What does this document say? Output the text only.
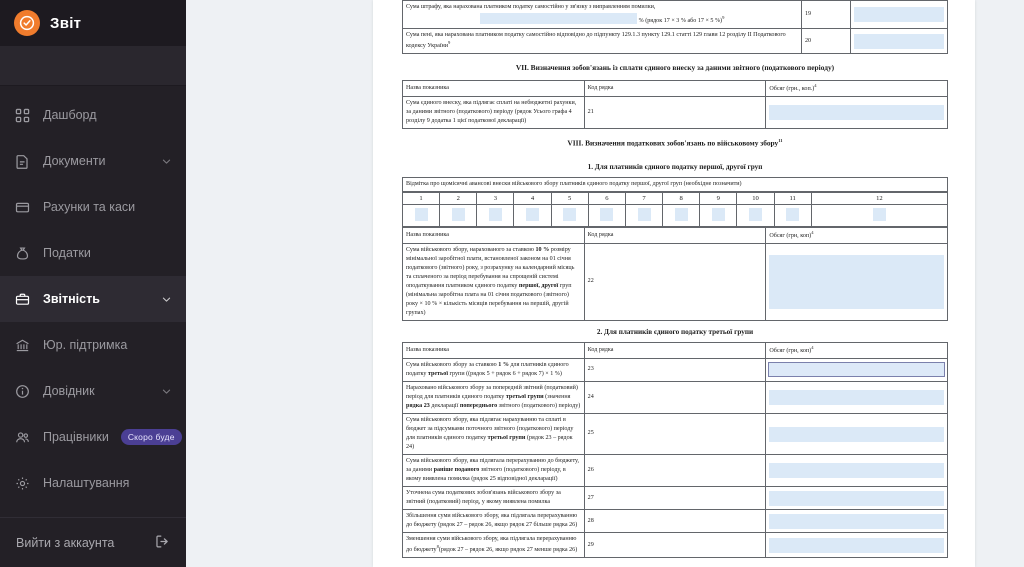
Звіт
Дашборд
Документи
Рахунки та каси
Податки
Звітність
Юр. підтримка
Довідник
Працівники	Скоро буде
Налаштування
Вийти з аккаунта
Сума штрафу, яка нарахована платником податку самостійно у зв'язку з виправленням помилки,
% (рядок 17 × 3 % або 17 × 5 %)$^9$	19	

Сума пені, яка нарахована платником податку самостійно відповідно до підпункту 129.1.3 пункту 129.1 статті 129 глави 12 розділу II Податкового кодексу України$^9$	20	
VII. Визначення зобов'язань із сплати єдиного внеску за даними звітного (податкового періоду)
Назва показника	Код рядка	Обсяг (грн., коп.)$^4$
Сума єдиного внеску, яка підлягає сплаті на небюджетні рахунки, за даними звітного (податкового) періоду (рядок Усього графа 4 розділу 9 додатка 1 цієї податкової декларації)	21	
VIII. Визначення податкових зобов'язань по військовому збору$^{11}$
1. Для платників єдиного податку першої, другої груп
Відмітка про щомісячні авансові внески військового збору платників єдиного податку першої, другої груп (необхідне позначити)
1	2	3	4	5	6	7	8	9	10	11	12

Назва показника	Код рядка	Обсяг (грн, коп)$^4$
Сума військового збору, нарахованого за ставкою 10 % розміру мінімальної заробітної плати, встановленої законом на 01 січня податкового (звітного) року, з розрахунку на календарний місяць та сплаченого за період перебування на спрощеній системі оподаткування платником єдиного податку першої, другої груп (мінімальна заробітна плата на 01 січня податкового (звітного) року × 10 % × кількість місяців перебування на першій, другій групах)	22	
2. Для платників єдиного податку третьої групи
Назва показника	Код рядка	Обсяг (грн, коп)$^4$
Сума військового збору за ставкою 1 % для платників єдиного податку третьої групи ((рядок 5 + рядок 6 + рядок 7) × 1 %)	23	

Нараховано військового збору за попередній звітний (податковий) період для платників єдиного податку третьої групи (значення рядка 23 декларації попереднього звітного (податкового) періоду)	24	

Сума військового збору, яка підлягає нарахуванню та сплаті в бюджет за підсумками поточного звітного (податкового) періоду для платників єдиного податку третьої групи (рядок 23 – рядок 24)	25	

Сума військового збору, яка підлягала перерахуванню до бюджету, за даними раніше поданого звітного (податкового) періоду, в якому виявлена помилка (рядок 25 відповідної декларації)	26	

Уточнена сума податкових зобов'язань військового збору за звітний (податковий) період, у якому виявлена помилка	27	

Збільшення суми військового збору, яка підлягала перерахуванню до бюджету (рядок 27 – рядок 26, якщо рядок 27 більше рядка 26)	28	

Зменшення суми військового збору, яка підлягала перерахуванню до бюджету$^8$(рядок 27 – рядок 26, якщо рядок 27 менше рядка 26)	29	
